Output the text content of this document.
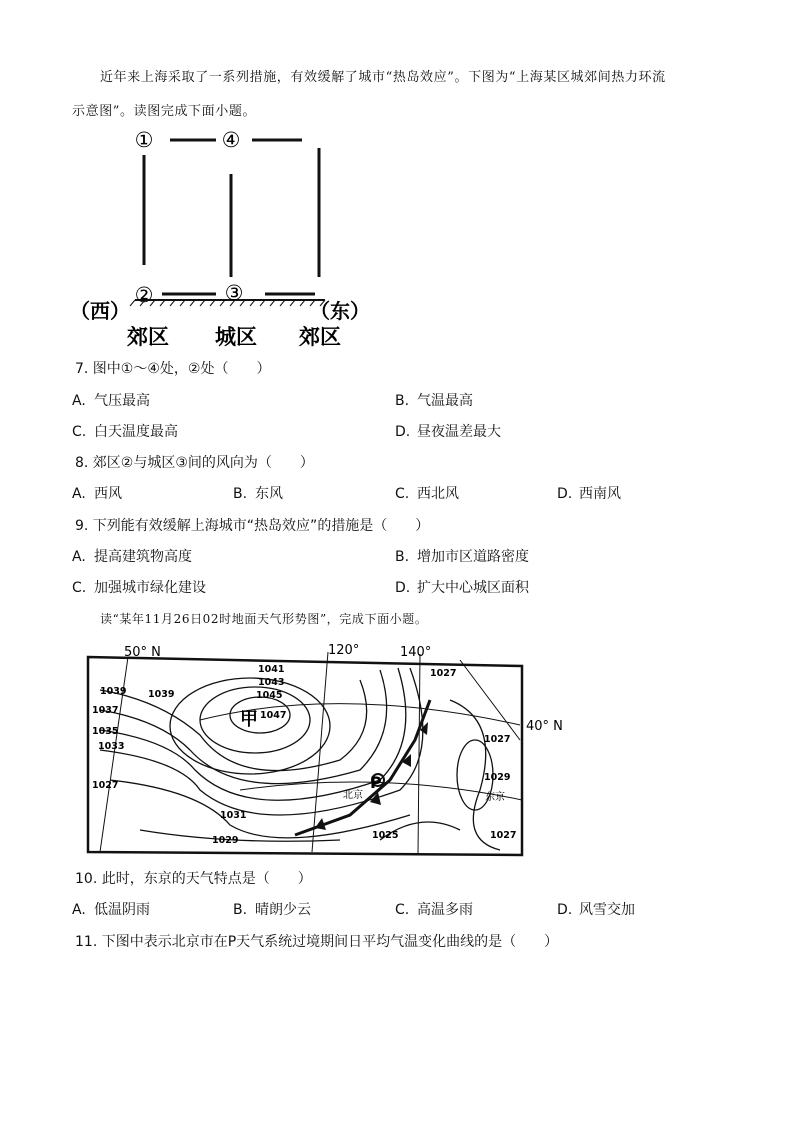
近年来上海采取了一系列措施，有效缓解了城市“热岛效应”。下图为“上海某区城郊间热力环流
示意图”。读图完成下面小题。
①	④
②	③
（西）	（东）
郊区 城区 郊区
7. 图中①～④处，②处（　　）
A. 气压最高	B. 气温最高
C. 白天温度最高	D. 昼夜温差最大
8. 郊区②与城区③间的风向为（　　）
A. 西风	B. 东风	C. 西北风	D. 西南风
9. 下列能有效缓解上海城市“热岛效应”的措施是（　　）
A. 提高建筑物高度	B. 增加市区道路密度
C. 加强城市绿化建设	D. 扩大中心城区面积
读“某年11月26日02时地面天气形势图”，完成下面小题。
P
甲
北京	东京
50° N	120°	140°
40° N
1041
1043
1045
1047
1039 1039
1037
1035
1033
1027
1031
1029	1025
1027
1027
1029
1027
10. 此时，东京的天气特点是（　　）
A. 低温阴雨	B. 晴朗少云	C. 高温多雨	D. 风雪交加
11. 下图中表示北京市在P天气系统过境期间日平均气温变化曲线的是（　　）
